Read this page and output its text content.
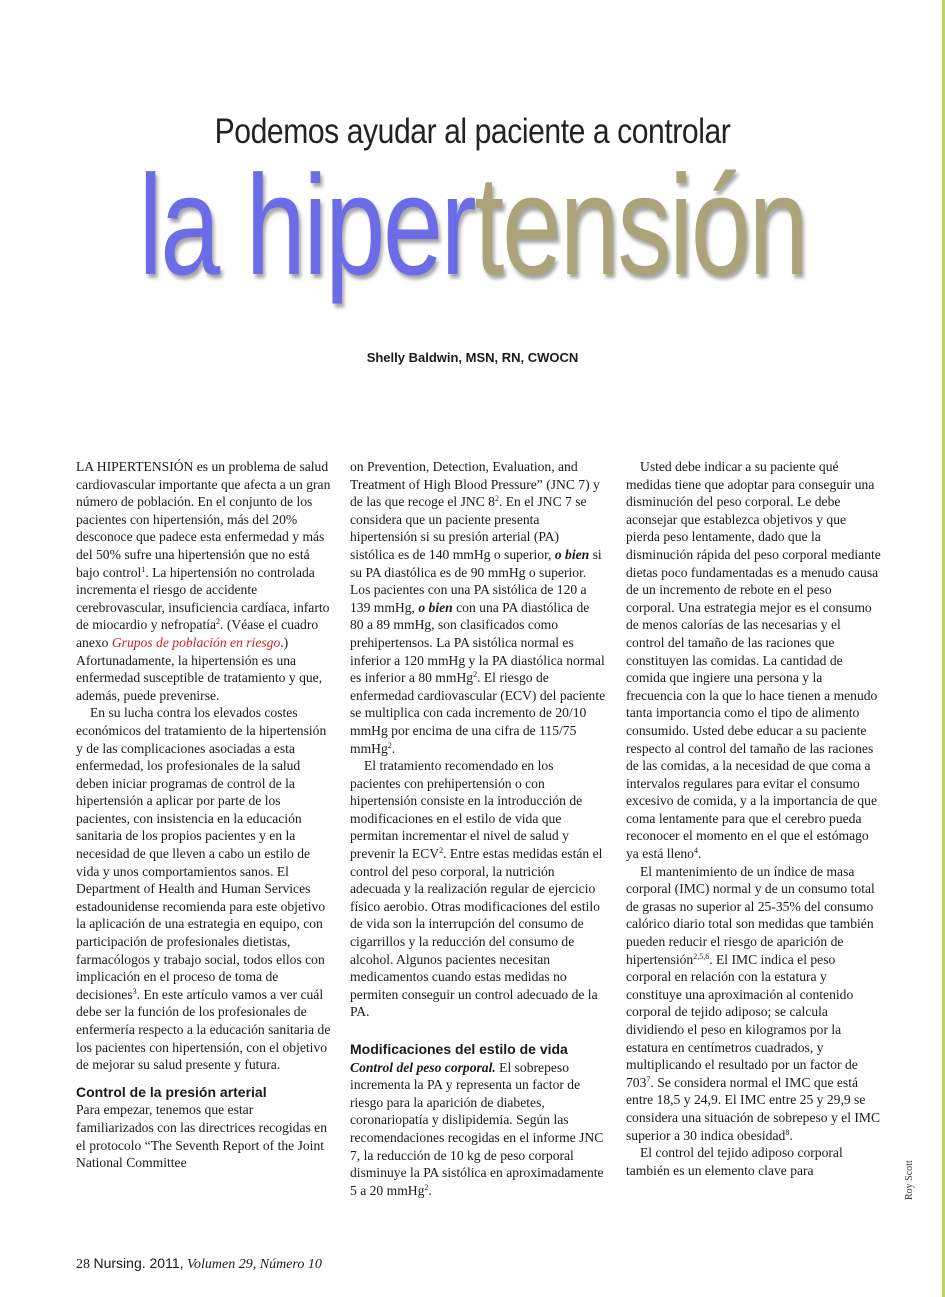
Podemos ayudar al paciente a controlar
la hipertensión
Shelly Baldwin, MSN, RN, CWOCN

LA HIPERTENSIÓN es un problema de salud cardiovascular importante que afecta a un gran número de población. En el conjunto de los pacientes con hipertensión, más del 20% desconoce que padece esta enfermedad y más del 50% sufre una hipertensión que no está bajo control$^1$. La hipertensión no controlada incrementa el riesgo de accidente cerebrovascular, insuficiencia cardíaca, infarto de miocardio y nefropatía$^2$. (Véase el cuadro anexo Grupos de población en riesgo.) Afortunadamente, la hipertensión es una enfermedad susceptible de tratamiento y que, además, puede prevenirse.

En su lucha contra los elevados costes económicos del tratamiento de la hipertensión y de las complicaciones asociadas a esta enfermedad, los profesionales de la salud deben iniciar programas de control de la hipertensión a aplicar por parte de los pacientes, con insistencia en la educación sanitaria de los propios pacientes y en la necesidad de que lleven a cabo un estilo de vida y unos comportamientos sanos. El Department of Health and Human Services estadounidense recomienda para este objetivo la aplicación de una estrategia en equipo, con participación de profesionales dietistas, farmacólogos y trabajo social, todos ellos con implicación en el proceso de toma de decisiones$^3$. En este artículo vamos a ver cuál debe ser la función de los profesionales de enfermería respecto a la educación sanitaria de los pacientes con hipertensión, con el objetivo de mejorar su salud presente y futura.

Control de la presión arterial

Para empezar, tenemos que estar familiarizados con las directrices recogidas en el protocolo “The Seventh Report of the Joint National Committee

on Prevention, Detection, Evaluation, and Treatment of High Blood Pressure” (JNC 7) y de las que recoge el JNC $8^2$. En el JNC 7 se considera que un paciente presenta hipertensión si su presión arterial (PA) sistólica es de 140 mmHg o superior, o bien si su PA diastólica es de 90 mmHg o superior. Los pacientes con una PA sistólica de 120 a 139 mmHg, o bien con una PA diastólica de 80 a 89 mmHg, son clasificados como prehipertensos. La PA sistólica normal es inferior a 120 mmHg y la PA diastólica normal es inferior a 80 mmHg$^2$. El riesgo de enfermedad cardiovascular (ECV) del paciente se multiplica con cada incremento de 20/10 mmHg por encima de una cifra de 115/75 mmHg$^2$.

El tratamiento recomendado en los pacientes con prehipertensión o con hipertensión consiste en la introducción de modificaciones en el estilo de vida que permitan incrementar el nivel de salud y prevenir la ECV$^2$. Entre estas medidas están el control del peso corporal, la nutrición adecuada y la realización regular de ejercicio físico aerobio. Otras modificaciones del estilo de vida son la interrupción del consumo de cigarrillos y la reducción del consumo de alcohol. Algunos pacientes necesitan medicamentos cuando estas medidas no permiten conseguir un control adecuado de la PA.

Modificaciones del estilo de vida

Control del peso corporal. El sobrepeso incrementa la PA y representa un factor de riesgo para la aparición de diabetes, coronariopatía y dislipidemia. Según las recomendaciones recogidas en el informe JNC 7, la reducción de 10 kg de peso corporal disminuye la PA sistólica en aproximadamente 5 a 20 mmHg$^2$.

Usted debe indicar a su paciente qué medidas tiene que adoptar para conseguir una disminución del peso corporal. Le debe aconsejar que establezca objetivos y que pierda peso lentamente, dado que la disminución rápida del peso corporal mediante dietas poco fundamentadas es a menudo causa de un incremento de rebote en el peso corporal. Una estrategia mejor es el consumo de menos calorías de las necesarias y el control del tamaño de las raciones que constituyen las comidas. La cantidad de comida que ingiere una persona y la frecuencia con la que lo hace tienen a menudo tanta importancia como el tipo de alimento consumido. Usted debe educar a su paciente respecto al control del tamaño de las raciones de las comidas, a la necesidad de que coma a intervalos regulares para evitar el consumo excesivo de comida, y a la importancia de que coma lentamente para que el cerebro pueda reconocer el momento en el que el estómago ya está lleno$^4$.

El mantenimiento de un índice de masa corporal (IMC) normal y de un consumo total de grasas no superior al 25-35% del consumo calórico diario total son medidas que también pueden reducir el riesgo de aparición de hipertensión$^{2,5,6}$. El IMC indica el peso corporal en relación con la estatura y constituye una aproximación al contenido corporal de tejido adiposo; se calcula dividiendo el peso en kilogramos por la estatura en centímetros cuadrados, y multiplicando el resultado por un factor de $703^7$. Se considera normal el IMC que está entre 18,5 y 24,9. El IMC entre 25 y 29,9 se considera una situación de sobrepeso y el IMC superior a 30 indica obesidad$^8$.

El control del tejido adiposo corporal también es un elemento clave para	Roy Scott
28 Nursing. 2011, Volumen 29, Número 10
